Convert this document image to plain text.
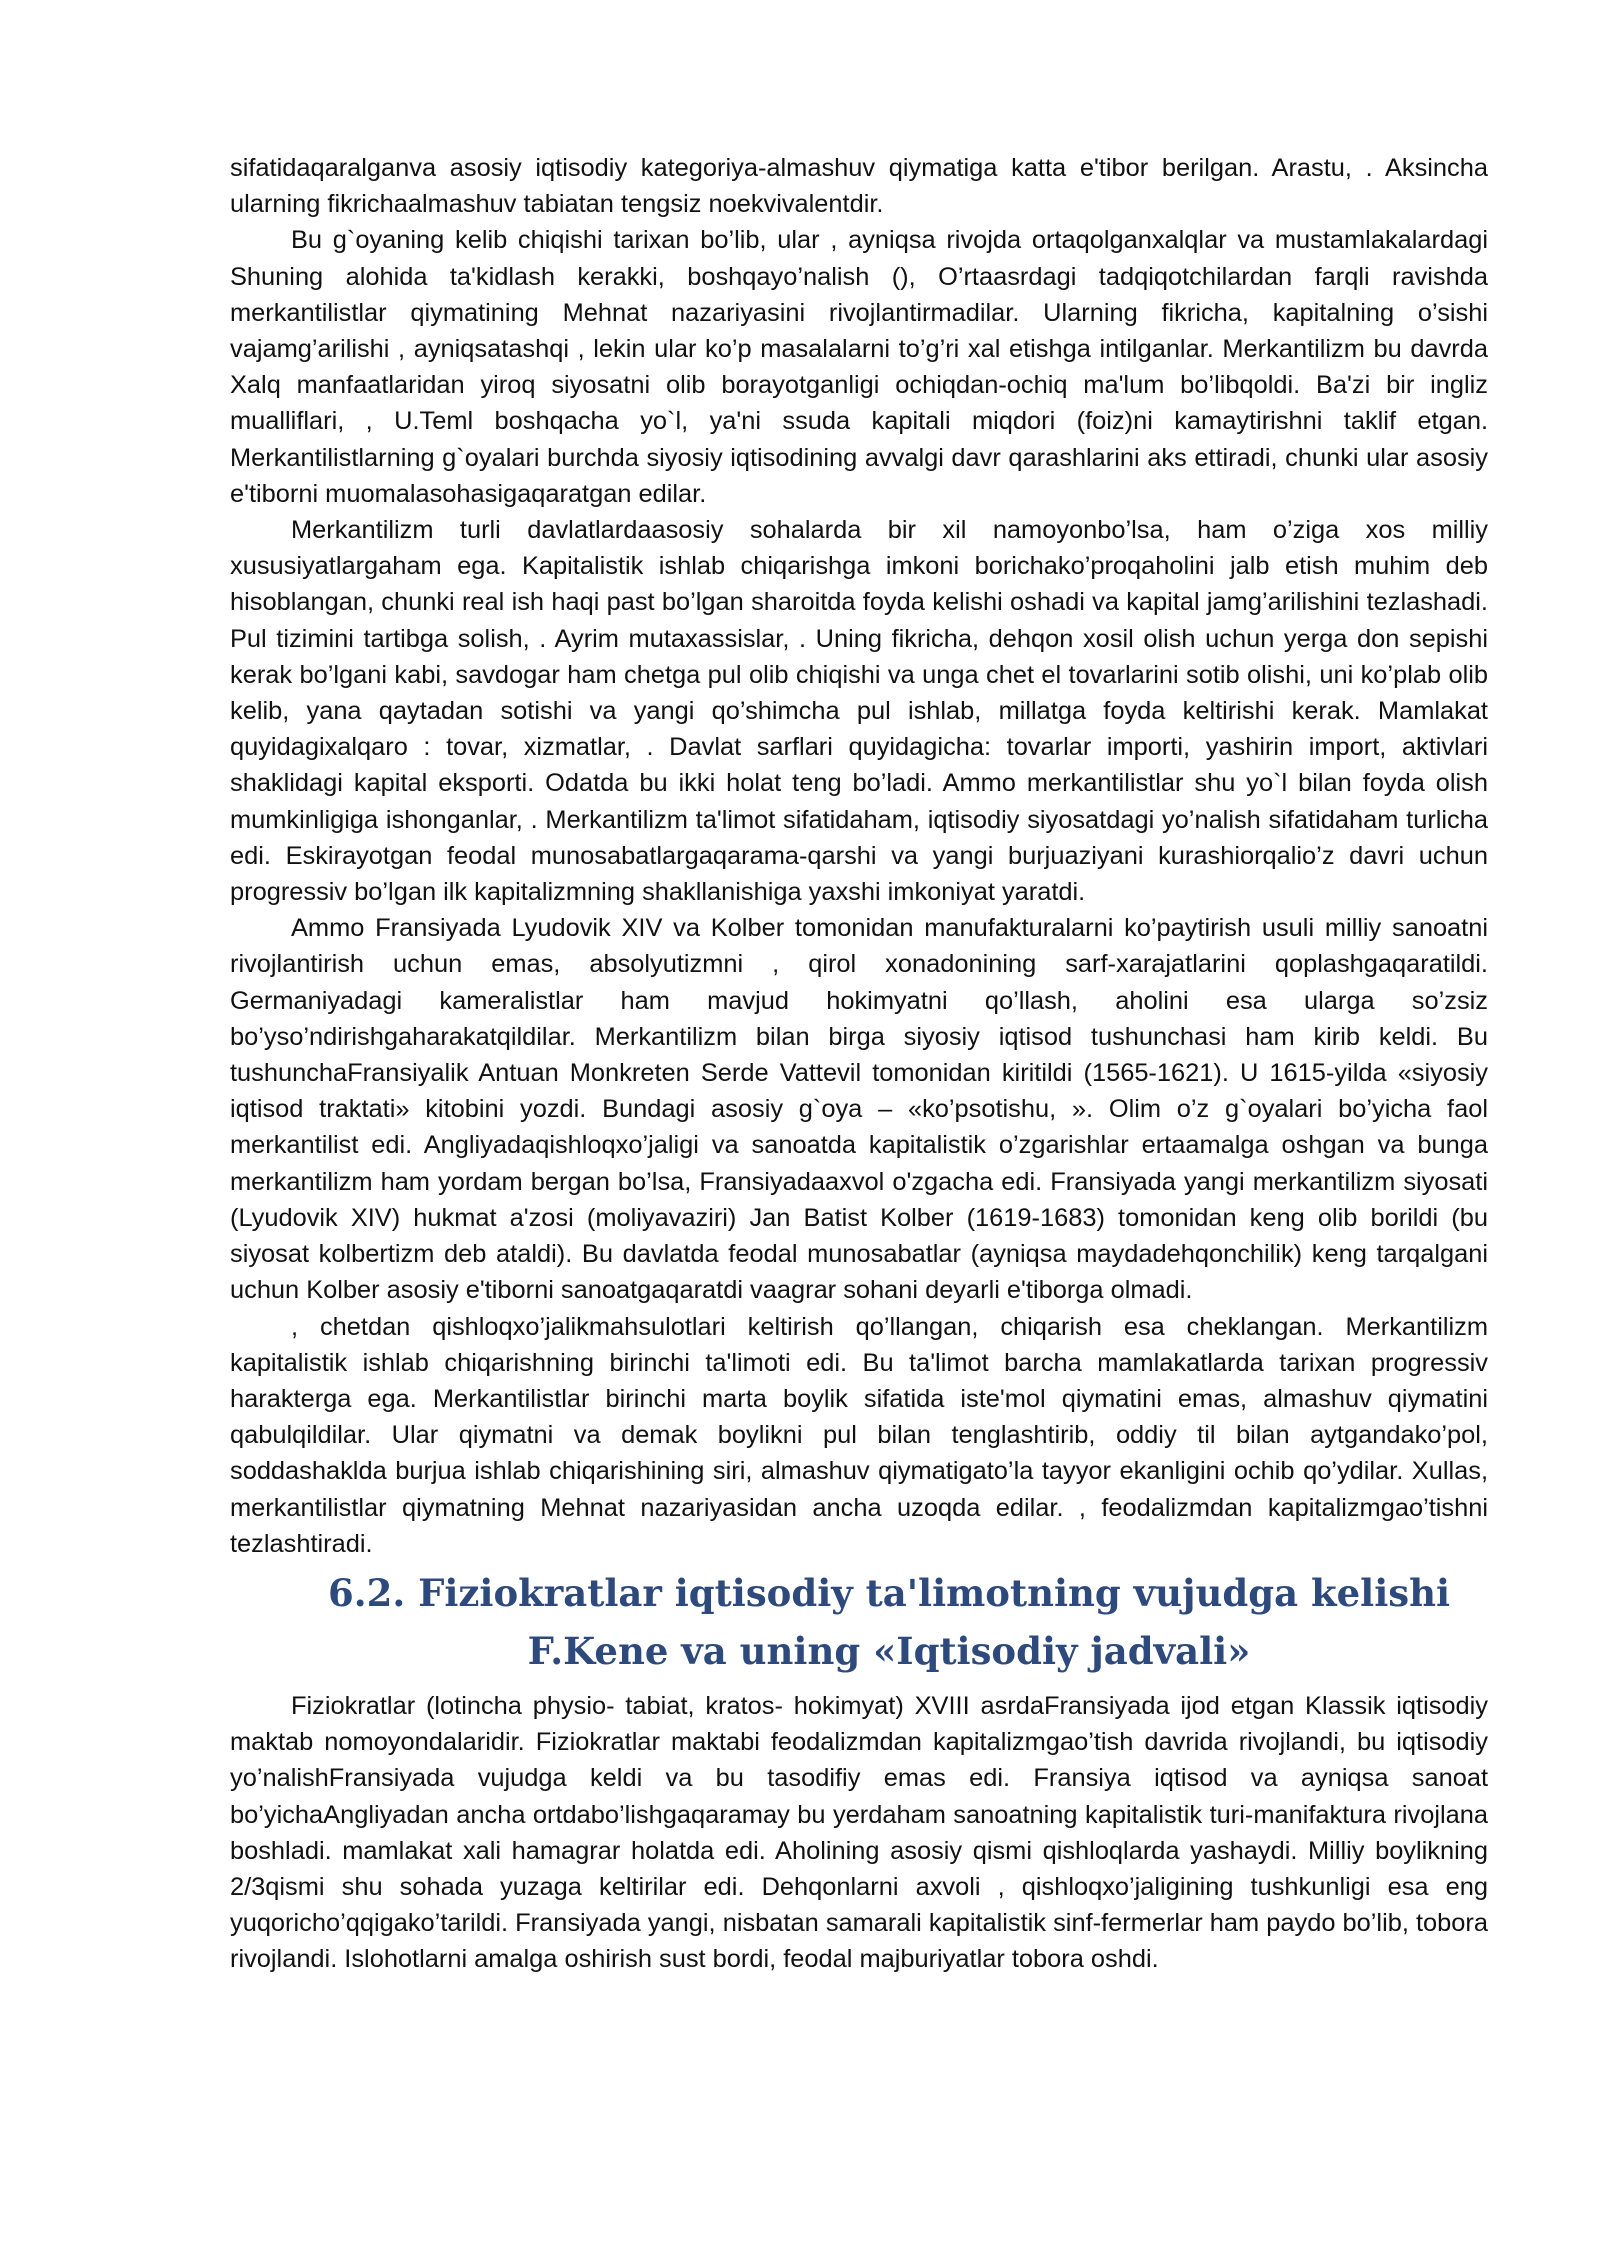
sifatidaqaralganva asosiy iqtisodiy kategoriya-almashuv qiymatiga katta e'tibor berilgan. Arastu, . Aksincha ularning fikrichaalmashuv tabiatan tengsiz noekvivalentdir.

Bu g`oyaning kelib chiqishi tarixan bo’lib, ular , ayniqsa rivojda ortaqolganxalqlar va mustamlakalardagi Shuning alohida ta'kidlash kerakki, boshqayo’nalish (), O’rtaasrdagi tadqiqotchilardan farqli ravishda merkantilistlar qiymatining Mehnat nazariyasini rivojlantirmadilar. Ularning fikricha, kapitalning o’sishi vajamg’arilishi , ayniqsatashqi , lekin ular ko’p masalalarni to’g’ri xal etishga intilganlar. Merkantilizm bu davrda Xalq manfaatlaridan yiroq siyosatni olib borayotganligi ochiqdan-ochiq ma'lum bo’libqoldi. Ba'zi bir ingliz mualliflari, , U.Teml boshqacha yo`l, ya'ni ssuda kapitali miqdori (foiz)ni kamaytirishni taklif etgan. Merkantilistlarning g`oyalari burchda siyosiy iqtisodining avvalgi davr qarashlarini aks ettiradi, chunki ular asosiy e'tiborni muomalasohasigaqaratgan edilar.

Merkantilizm turli davlatlardaasosiy sohalarda bir xil namoyonbo’lsa, ham o’ziga xos milliy xususiyatlargaham ega. Kapitalistik ishlab chiqarishga imkoni borichako’proqaholini jalb etish muhim deb hisoblangan, chunki real ish haqi past bo’lgan sharoitda foyda kelishi oshadi va kapital jamg’arilishini tezlashadi. Pul tizimini tartibga solish, . Ayrim mutaxassislar, . Uning fikricha, dehqon xosil olish uchun yerga don sepishi kerak bo’lgani kabi, savdogar ham chetga pul olib chiqishi va unga chet el tovarlarini sotib olishi, uni ko’plab olib kelib, yana qaytadan sotishi va yangi qo’shimcha pul ishlab, millatga foyda keltirishi kerak. Mamlakat quyidagixalqaro : tovar, xizmatlar, . Davlat sarflari quyidagicha: tovarlar importi, yashirin import, aktivlari shaklidagi kapital eksporti. Odatda bu ikki holat teng bo’ladi. Ammo merkantilistlar shu yo`l bilan foyda olish mumkinligiga ishonganlar, . Merkantilizm ta'limot sifatidaham, iqtisodiy siyosatdagi yo’nalish sifatidaham turlicha edi. Eskirayotgan feodal munosabatlargaqarama-qarshi va yangi burjuaziyani kurashiorqalio’z davri uchun progressiv bo’lgan ilk kapitalizmning shakllanishiga yaxshi imkoniyat yaratdi.

Ammo Fransiyada Lyudovik XIV va Kolber tomonidan manufakturalarni ko’paytirish usuli milliy sanoatni rivojlantirish uchun emas, absolyutizmni , qirol xonadonining sarf-xarajatlarini qoplashgaqaratildi. Germaniyadagi kameralistlar ham mavjud hokimyatni qo’llash, aholini esa ularga so’zsiz bo’yso’ndirishgaharakatqildilar. Merkantilizm bilan birga siyosiy iqtisod tushunchasi ham kirib keldi. Bu tushunchaFransiyalik Antuan Monkreten Serde Vattevil tomonidan kiritildi (1565-1621). U 1615-yilda «siyosiy iqtisod traktati» kitobini yozdi. Bundagi asosiy g`oya – «ko’psotishu, ». Olim o’z g`oyalari bo’yicha faol merkantilist edi. Angliyadaqishloqxo’jaligi va sanoatda kapitalistik o’zgarishlar ertaamalga oshgan va bunga merkantilizm ham yordam bergan bo’lsa, Fransiyadaaxvol o'zgacha edi. Fransiyada yangi merkantilizm siyosati (Lyudovik XIV) hukmat a'zosi (moliyavaziri) Jan Batist Kolber (1619-1683) tomonidan keng olib borildi (bu siyosat kolbertizm deb ataldi). Bu davlatda feodal munosabatlar (ayniqsa maydadehqonchilik) keng tarqalgani uchun Kolber asosiy e'tiborni sanoatgaqaratdi vaagrar sohani deyarli e'tiborga olmadi.

, chetdan qishloqxo’jalikmahsulotlari keltirish qo’llangan, chiqarish esa cheklangan. Merkantilizm kapitalistik ishlab chiqarishning birinchi ta'limoti edi. Bu ta'limot barcha mamlakatlarda tarixan progressiv harakterga ega. Merkantilistlar birinchi marta boylik sifatida iste'mol qiymatini emas, almashuv qiymatini qabulqildilar. Ular qiymatni va demak boylikni pul bilan tenglashtirib, oddiy til bilan aytgandako’pol, soddashaklda burjua ishlab chiqarishining siri, almashuv qiymatigato’la tayyor ekanligini ochib qo’ydilar. Xullas, merkantilistlar qiymatning Mehnat nazariyasidan ancha uzoqda edilar. , feodalizmdan kapitalizmgao’tishni tezlashtiradi.

6.2. Fiziokratlar iqtisodiy ta'limotning vujudga kelishi F.Kene va uning «Iqtisodiy jadvali»

Fiziokratlar (lotincha physio- tabiat, kratos- hokimyat) XVIII asrdaFransiyada ijod etgan Klassik iqtisodiy maktab nomoyondalaridir. Fiziokratlar maktabi feodalizmdan kapitalizmgao’tish davrida rivojlandi, bu iqtisodiy yo’nalishFransiyada vujudga keldi va bu tasodifiy emas edi. Fransiya iqtisod va ayniqsa sanoat bo’yichaAngliyadan ancha ortdabo’lishgaqaramay bu yerdaham sanoatning kapitalistik turi-manifaktura rivojlana boshladi. mamlakat xali hamagrar holatda edi. Aholining asosiy qismi qishloqlarda yashaydi. Milliy boylikning 2/3qismi shu sohada yuzaga keltirilar edi. Dehqonlarni axvoli , qishloqxo’jaligining tushkunligi esa eng yuqoricho’qqigako’tarildi. Fransiyada yangi, nisbatan samarali kapitalistik sinf-fermerlar ham paydo bo’lib, tobora rivojlandi. Islohotlarni amalga oshirish sust bordi, feodal majburiyatlar tobora oshdi.
